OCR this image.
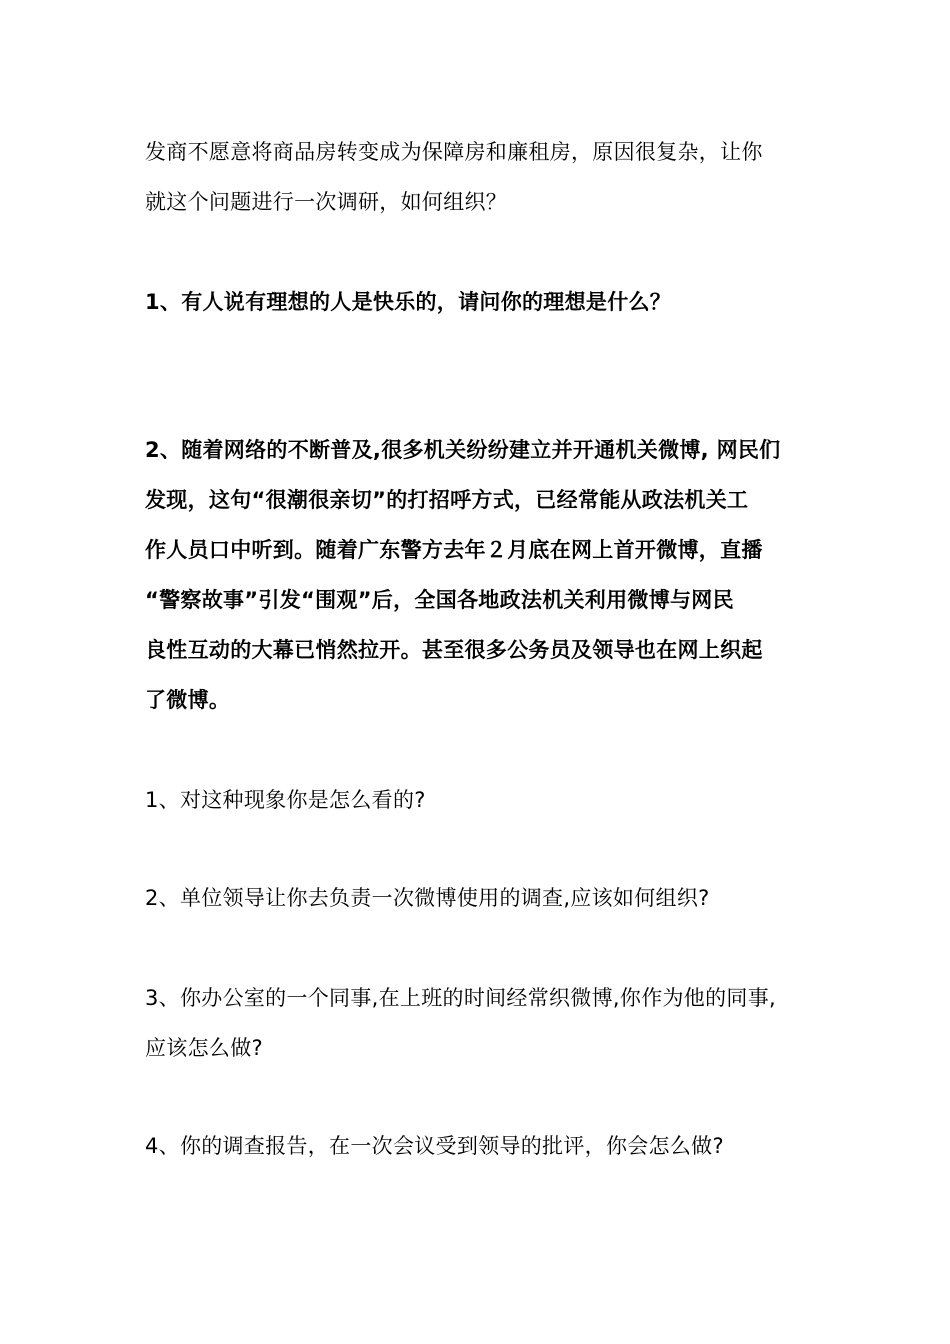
发商不愿意将商品房转变成为保障房和廉租房，原因很复杂，让你
就这个问题进行一次调研，如何组织？
1、有人说有理想的人是快乐的，请问你的理想是什么？
2、随着网络的不断普及,很多机关纷纷建立并开通机关微博, 网民们
发现，这句“很潮很亲切”的打招呼方式，已经常能从政法机关工
作人员口中听到。随着广东警方去年２月底在网上首开微博，直播
“警察故事”引发“围观”后，全国各地政法机关利用微博与网民
良性互动的大幕已悄然拉开。甚至很多公务员及领导也在网上织起
了微博。
1、对这种现象你是怎么看的?
2、单位领导让你去负责一次微博使用的调查,应该如何组织?
3、你办公室的一个同事,在上班的时间经常织微博,你作为他的同事,
应该怎么做?
4、你的调查报告，在一次会议受到领导的批评，你会怎么做?
